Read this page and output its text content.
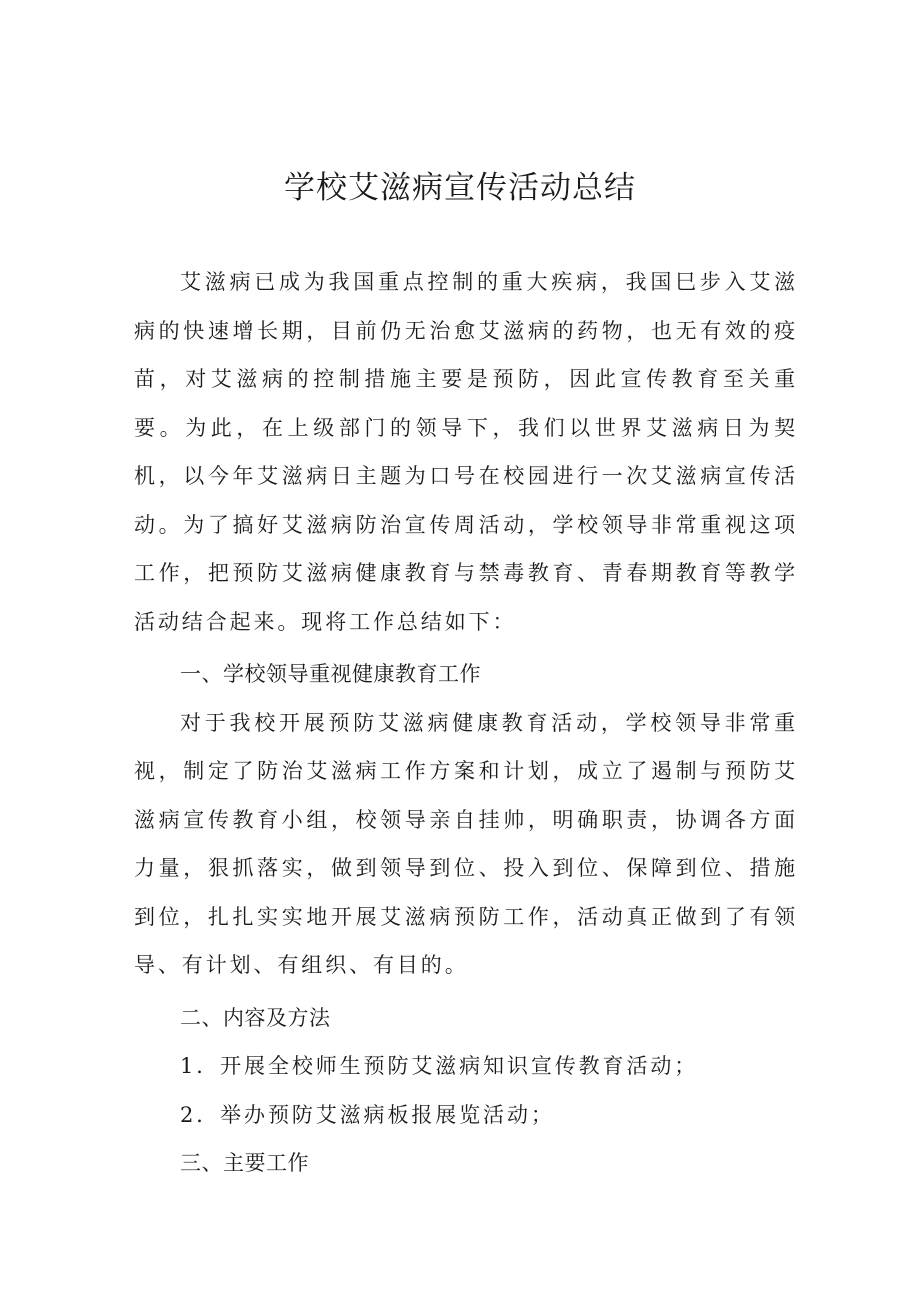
学校艾滋病宣传活动总结

艾滋病已成为我国重点控制的重大疾病，我国巳步入艾滋病的快速增长期，目前仍无治愈艾滋病的药物，也无有效的疫苗，对艾滋病的控制措施主要是预防，因此宣传教育至关重要。为此，在上级部门的领导下，我们以世界艾滋病日为契机，以今年艾滋病日主题为口号在校园进行一次艾滋病宣传活动。为了搞好艾滋病防治宣传周活动，学校领导非常重视这项工作，把预防艾滋病健康教育与禁毒教育、青春期教育等教学活动结合起来。现将工作总结如下：

一、学校领导重视健康教育工作

对于我校开展预防艾滋病健康教育活动，学校领导非常重视，制定了防治艾滋病工作方案和计划，成立了遏制与预防艾滋病宣传教育小组，校领导亲自挂帅，明确职责，协调各方面力量，狠抓落实，做到领导到位、投入到位、保障到位、措施到位，扎扎实实地开展艾滋病预防工作，活动真正做到了有领导、有计划、有组织、有目的。

二、内容及方法

1．开展全校师生预防艾滋病知识宣传教育活动；

2．举办预防艾滋病板报展览活动；

三、主要工作
